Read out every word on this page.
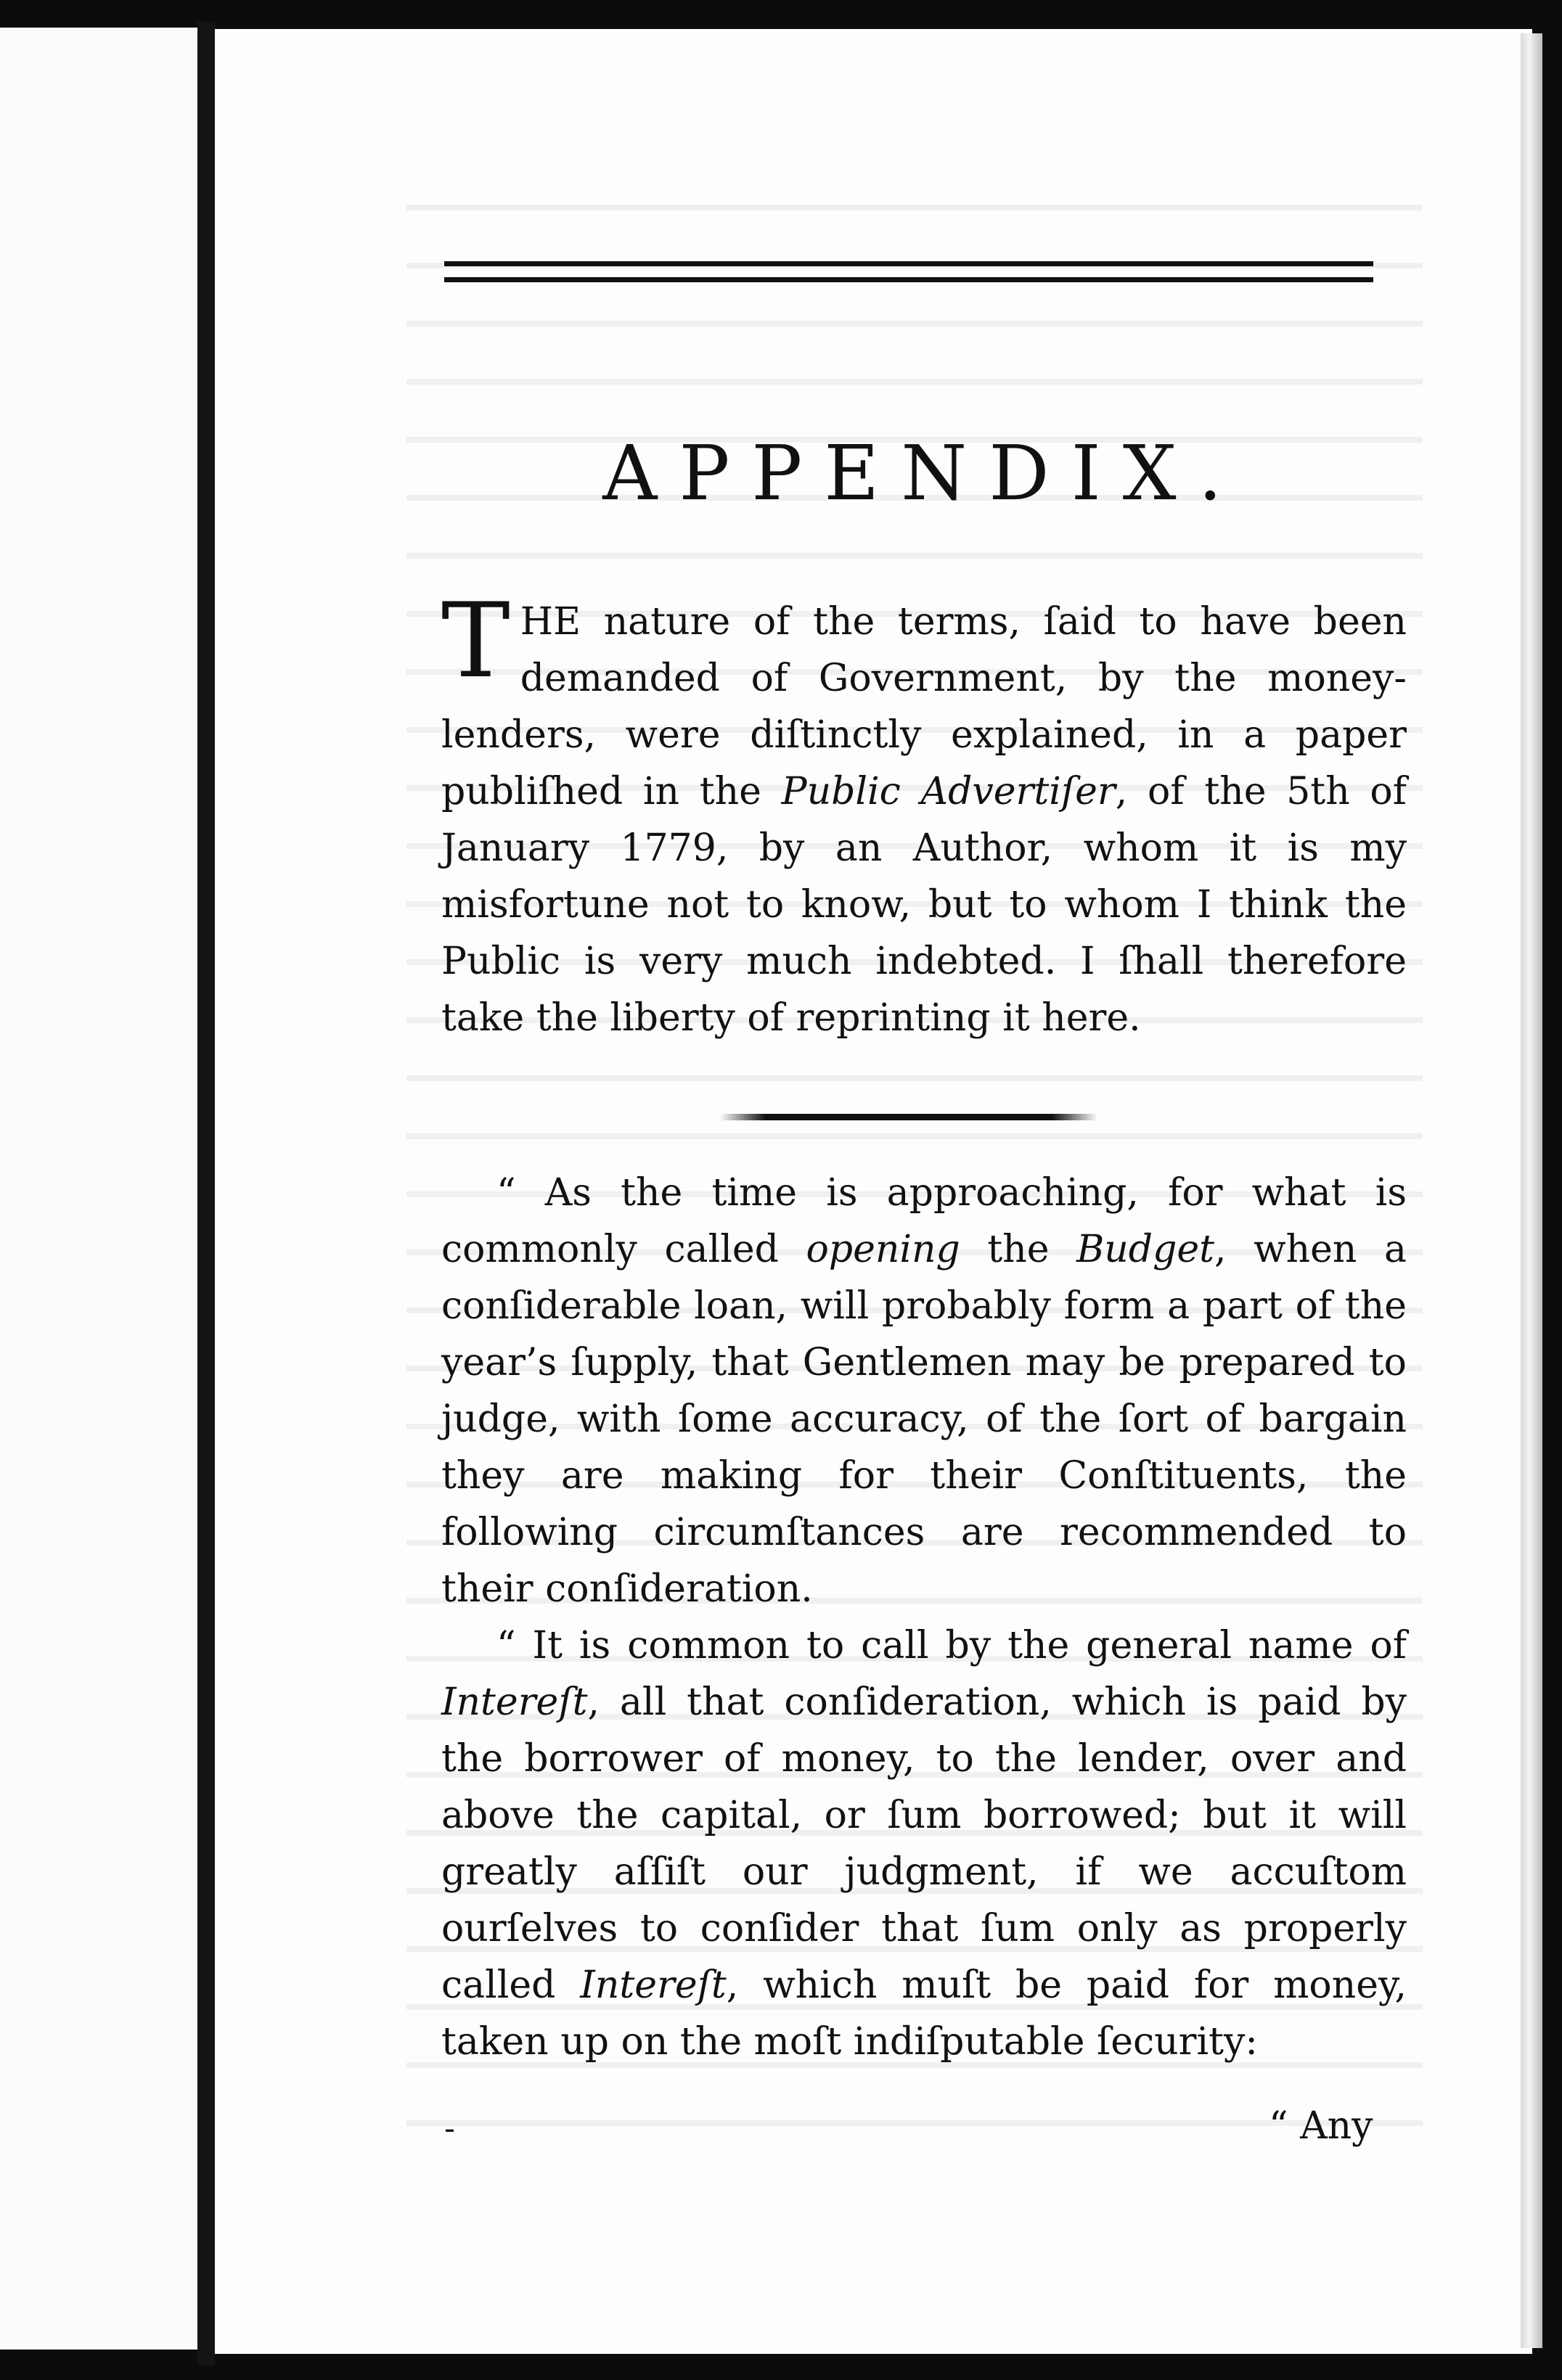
APPENDIX.
THE nature of the terms, ſaid to have been demanded of Government, by the money-lenders, were diſtinctly explained, in a paper publiſhed in the Public Advertiſer, of the 5th of January 1779, by an Author, whom it is my misfortune not to know, but to whom I think the Public is very much indebted. I ſhall therefore take the liberty of reprinting it here.

“ As the time is approaching, for what is commonly called opening the Budget, when a conſiderable loan, will probably form a part of the year’s ſupply, that Gentlemen may be prepared to judge, with ſome accuracy, of the ſort of bargain they are making for their Conſtituents, the following circumſtances are recommended to their conſideration.

“ It is common to call by the general name of Intereſt, all that conſideration, which is paid by the borrower of money, to the lender, over and above the capital, or ſum borrowed; but it will greatly aſſiſt our judgment, if we accuſtom ourſelves to conſider that ſum only as properly called Intereſt, which muſt be paid for money, taken up on the moſt indiſputable ſecurity:

-	“ Any
